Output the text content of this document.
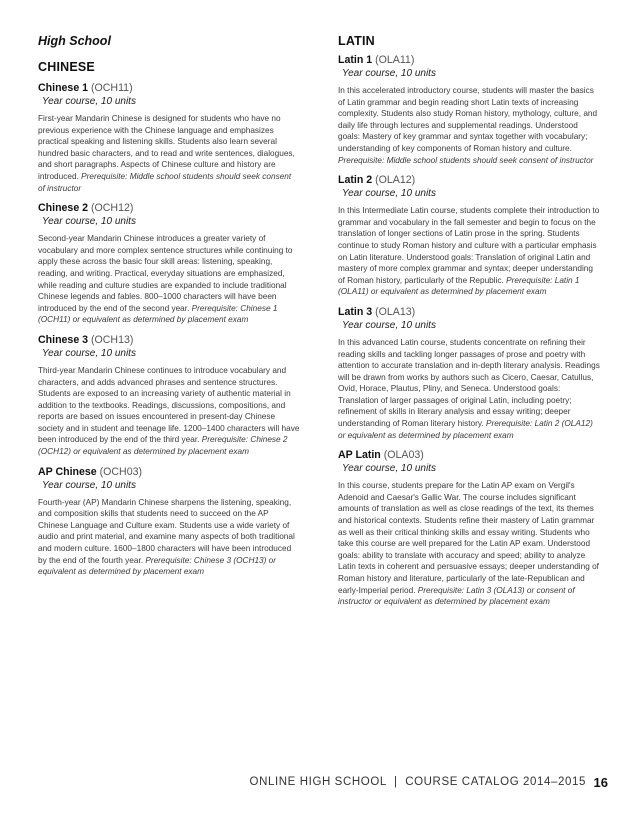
High School
CHINESE
Chinese 1 (OCH11)
Year course, 10 units

First-year Mandarin Chinese is designed for students who have no previous experience with the Chinese language and emphasizes practical speaking and listening skills. Students also learn several hundred basic characters, and to read and write sentences, dialogues, and short paragraphs. Aspects of Chinese culture and history are introduced. Prerequisite: Middle school students should seek consent of instructor

Chinese 2 (OCH12)
Year course, 10 units

Second-year Mandarin Chinese introduces a greater variety of vocabulary and more complex sentence structures while continuing to apply these across the basic four skill areas: listening, speaking, reading, and writing. Practical, everyday situations are emphasized, while reading and culture studies are expanded to include traditional Chinese legends and fables. 800–1000 characters will have been introduced by the end of the second year. Prerequisite: Chinese 1 (OCH11) or equivalent as determined by placement exam

Chinese 3 (OCH13)
Year course, 10 units

Third-year Mandarin Chinese continues to introduce vocabulary and characters, and adds advanced phrases and sentence structures. Students are exposed to an increasing variety of authentic material in addition to the textbooks. Readings, discussions, compositions, and reports are based on issues encountered in present-day Chinese society and in student and teenage life. 1200–1400 characters will have been introduced by the end of the third year. Prerequisite: Chinese 2 (OCH12) or equivalent as determined by placement exam

AP Chinese (OCH03)
Year course, 10 units

Fourth-year (AP) Mandarin Chinese sharpens the listening, speaking, and composition skills that students need to succeed on the AP Chinese Language and Culture exam. Students use a wide variety of audio and print material, and examine many aspects of both traditional and modern culture. 1600–1800 characters will have been introduced by the end of the fourth year. Prerequisite: Chinese 3 (OCH13) or equivalent as determined by placement exam

LATIN
Latin 1 (OLA11)
Year course, 10 units

In this accelerated introductory course, students will master the basics of Latin grammar and begin reading short Latin texts of increasing complexity. Students also study Roman history, mythology, culture, and daily life through lectures and supplemental readings. Understood goals: Mastery of key grammar and syntax together with vocabulary; understanding of key components of Roman history and culture. Prerequisite: Middle school students should seek consent of instructor

Latin 2 (OLA12)
Year course, 10 units

In this Intermediate Latin course, students complete their introduction to grammar and vocabulary in the fall semester and begin to focus on the translation of longer sections of Latin prose in the spring. Students continue to study Roman history and culture with a particular emphasis on Latin literature. Understood goals: Translation of original Latin and mastery of more complex grammar and syntax; deeper understanding of Roman history, particularly of the Republic. Prerequisite: Latin 1 (OLA11) or equivalent as determined by placement exam

Latin 3 (OLA13)
Year course, 10 units

In this advanced Latin course, students concentrate on refining their reading skills and tackling longer passages of prose and poetry with attention to accurate translation and in-depth literary analysis. Readings will be drawn from works by authors such as Cicero, Caesar, Catullus, Ovid, Horace, Plautus, Pliny, and Seneca. Understood goals: Translation of larger passages of original Latin, including poetry; refinement of skills in literary analysis and essay writing; deeper understanding of Roman literary history. Prerequisite: Latin 2 (OLA12) or equivalent as determined by placement exam

AP Latin (OLA03)
Year course, 10 units

In this course, students prepare for the Latin AP exam on Vergil's Adenoid and Caesar's Gallic War. The course includes significant amounts of translation as well as close readings of the text, its themes and historical contexts. Students refine their mastery of Latin grammar as well as their critical thinking skills and essay writing. Students who take this course are well prepared for the Latin AP exam. Understood goals: ability to translate with accuracy and speed; ability to analyze Latin texts in coherent and persuasive essays; deeper understanding of Roman history and literature, particularly of the late-Republican and early-Imperial period. Prerequisite: Latin 3 (OLA13) or consent of instructor or equivalent as determined by placement exam

ONLINE HIGH SCHOOL  |  COURSE CATALOG 2014–2015 16
